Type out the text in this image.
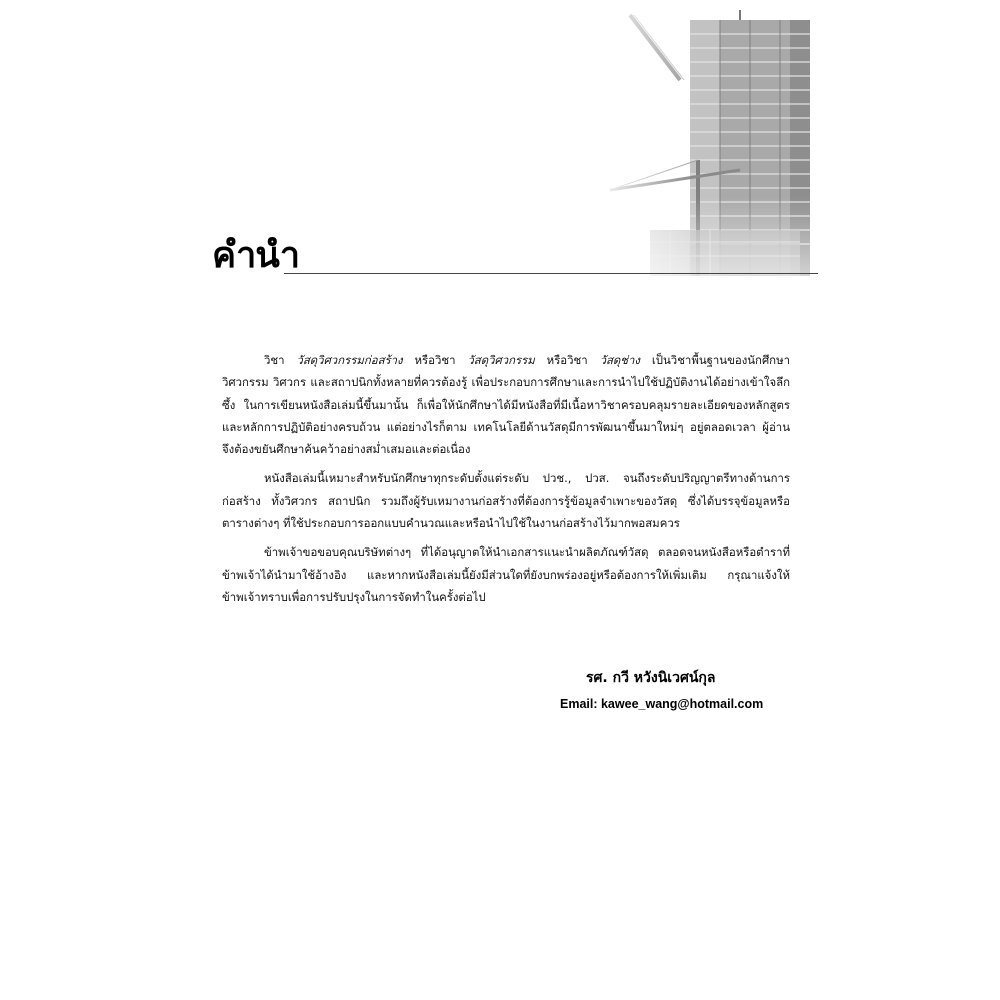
คำนำ

วิชา วัสดุวิศวกรรมก่อสร้าง หรือวิชา วัสดุวิศวกรรม หรือวิชา วัสดุช่าง เป็นวิชาพื้นฐานของนักศึกษา วิศวกรรม วิศวกร และสถาปนิกทั้งหลายที่ควรต้องรู้ เพื่อประกอบการศึกษาและการนำไปใช้ปฏิบัติงานได้อย่างเข้าใจลึกซึ้ง ในการเขียนหนังสือเล่มนี้ขึ้นมานั้น ก็เพื่อให้นักศึกษาได้มีหนังสือที่มีเนื้อหาวิชาครอบคลุมรายละเอียดของหลักสูตรและหลักการปฏิบัติอย่างครบถ้วน แต่อย่างไรก็ตาม เทคโนโลยีด้านวัสดุมีการพัฒนาขึ้นมาใหม่ๆ อยู่ตลอดเวลา ผู้อ่านจึงต้องขยันศึกษาค้นคว้าอย่างสม่ำเสมอและต่อเนื่อง

หนังสือเล่มนี้เหมาะสำหรับนักศึกษาทุกระดับตั้งแต่ระดับ ปวช., ปวส. จนถึงระดับปริญญาตรีทางด้านการก่อสร้าง ทั้งวิศวกร สถาปนิก รวมถึงผู้รับเหมางานก่อสร้างที่ต้องการรู้ข้อมูลจำเพาะของวัสดุ ซึ่งได้บรรจุข้อมูลหรือตารางต่างๆ ที่ใช้ประกอบการออกแบบคำนวณและหรือนำไปใช้ในงานก่อสร้างไว้มากพอสมควร

ข้าพเจ้าขอขอบคุณบริษัทต่างๆ ที่ได้อนุญาตให้นำเอกสารแนะนำผลิตภัณฑ์วัสดุ ตลอดจนหนังสือหรือตำราที่ข้าพเจ้าได้นำมาใช้อ้างอิง และหากหนังสือเล่มนี้ยังมีส่วนใดที่ยังบกพร่องอยู่หรือต้องการให้เพิ่มเติม กรุณาแจ้งให้ข้าพเจ้าทราบเพื่อการปรับปรุงในการจัดทำในครั้งต่อไป

รศ. กวี หวังนิเวศน์กุล
Email: kawee_wang@hotmail.com
